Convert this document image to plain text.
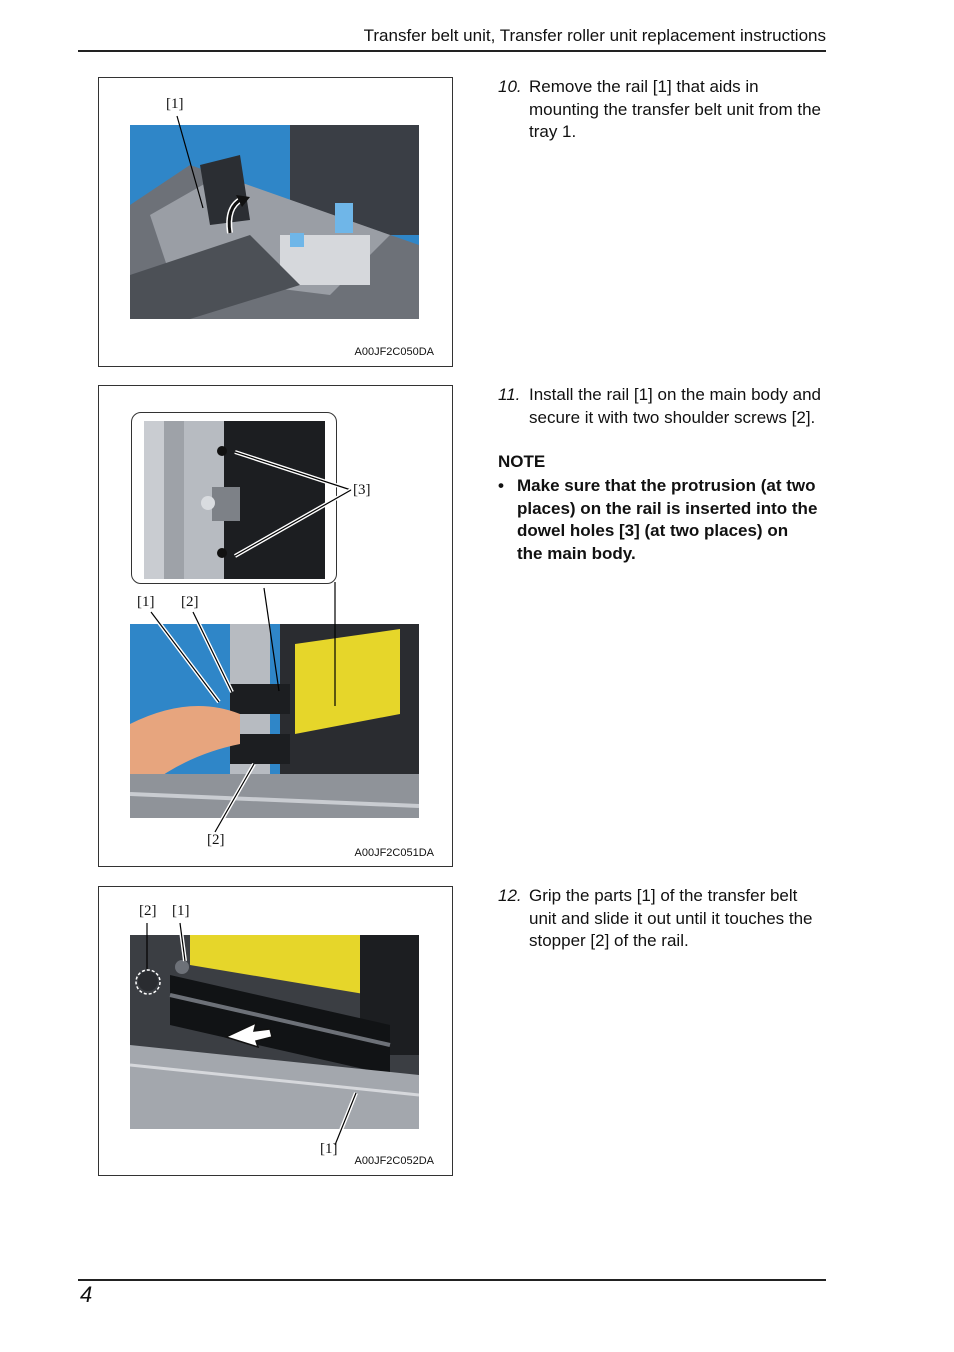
Transfer belt unit, Transfer roller unit replacement instructions
[1]
A00JF2C050DA
[3]
[1] [2]
[2]
A00JF2C051DA
[2] [1]
[1]
A00JF2C052DA
10. Remove the rail [1] that aids in mounting the transfer belt unit from the tray 1.
11. Install the rail [1] on the main body and secure it with two shoulder screws [2].
NOTE
• Make sure that the protrusion (at two places) on the rail is inserted into the dowel holes [3] (at two places) on the main body.
12. Grip the parts [1] of the transfer belt unit and slide it out until it touches the stopper [2] of the rail.
4
